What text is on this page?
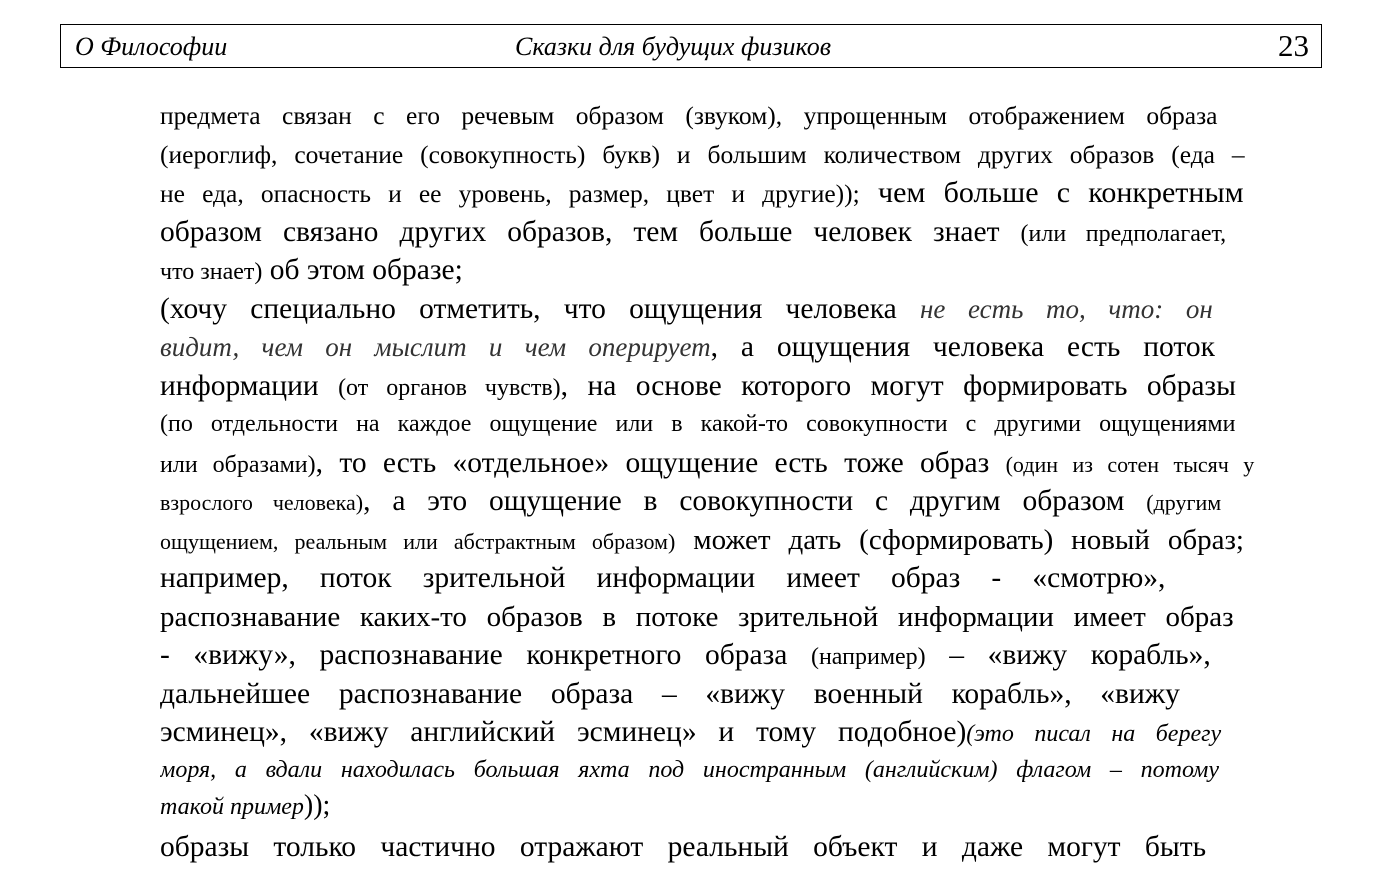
О Философии	Сказки для будущих физиков	23
предмета связан с его речевым образом (звуком), упрощенным отображением образа
(иероглиф, сочетание (совокупность) букв) и большим количеством других образов (еда –
не еда, опасность и ее уровень, размер, цвет и другие)); чем больше с конкретным
образом связано других образов, тем больше человек знает (или предполагает,
что знает) об этом образе;
(хочу специально отметить, что ощущения человека не есть то, что: он
видит, чем он мыслит и чем оперирует, а ощущения человека есть поток
информации (от органов чувств), на основе которого могут формировать образы
(по отдельности на каждое ощущение или в какой-то совокупности с другими ощущениями
или образами), то есть «отдельное» ощущение есть тоже образ (один из сотен тысяч у
взрослого человека), а это ощущение в совокупности с другим образом (другим
ощущением, реальным или абстрактным образом) может дать (сформировать) новый образ;
например, поток зрительной информации имеет образ - «смотрю»,
распознавание каких-то образов в потоке зрительной информации имеет образ
- «вижу», распознавание конкретного образа (например) – «вижу корабль»,
дальнейшее распознавание образа – «вижу военный корабль», «вижу
эсминец», «вижу английский эсминец» и тому подобное)(это писал на берегу
моря, а вдали находилась большая яхта под иностранным (английским) флагом – потому
такой пример));
образы только частично отражают реальный объект и даже могут быть
